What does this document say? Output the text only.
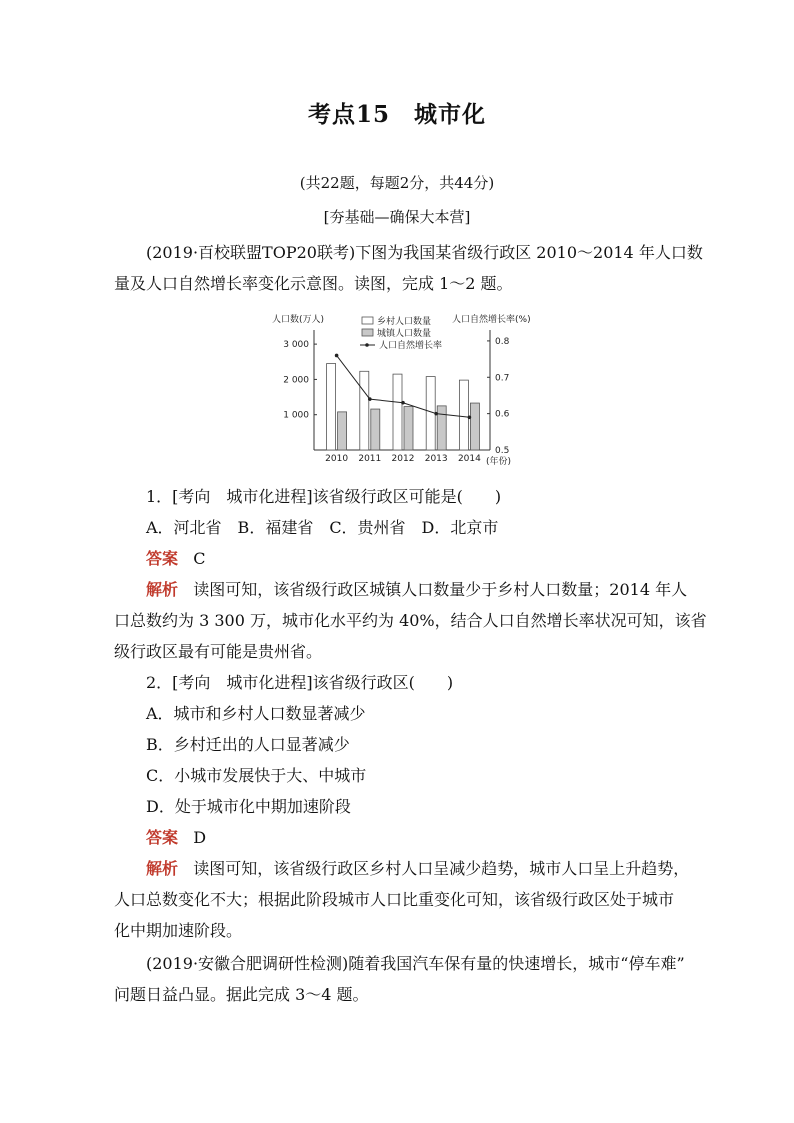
考点15　城市化
(共22题，每题2分，共44分)
[夯基础—确保大本营]
(2019·百校联盟TOP20联考)下图为我国某省级行政区 2010～2014 年人口数
量及人口自然增长率变化示意图。读图，完成 1～2 题。
1 000
2 000
3 000
0.5
0.6
0.7
0.8
人口数(万人)	人口自然增长率(%)
(年份)
2010 2011 2012 2013 2014
乡村人口数量
城镇人口数量
人口自然增长率
1．[考向　城市化进程]该省级行政区可能是(　　)
A．河北省　B．福建省　C．贵州省　D．北京市
答案 C
解析 读图可知，该省级行政区城镇人口数量少于乡村人口数量；2014 年人
口总数约为 3 300 万，城市化水平约为 40%，结合人口自然增长率状况可知，该省
级行政区最有可能是贵州省。
2．[考向　城市化进程]该省级行政区(　　)
A．城市和乡村人口数显著减少
B．乡村迁出的人口显著减少
C．小城市发展快于大、中城市
D．处于城市化中期加速阶段
答案 D
解析 读图可知，该省级行政区乡村人口呈减少趋势，城市人口呈上升趋势，
人口总数变化不大；根据此阶段城市人口比重变化可知，该省级行政区处于城市
化中期加速阶段。
(2019·安徽合肥调研性检测)随着我国汽车保有量的快速增长，城市“停车难”
问题日益凸显。据此完成 3～4 题。
